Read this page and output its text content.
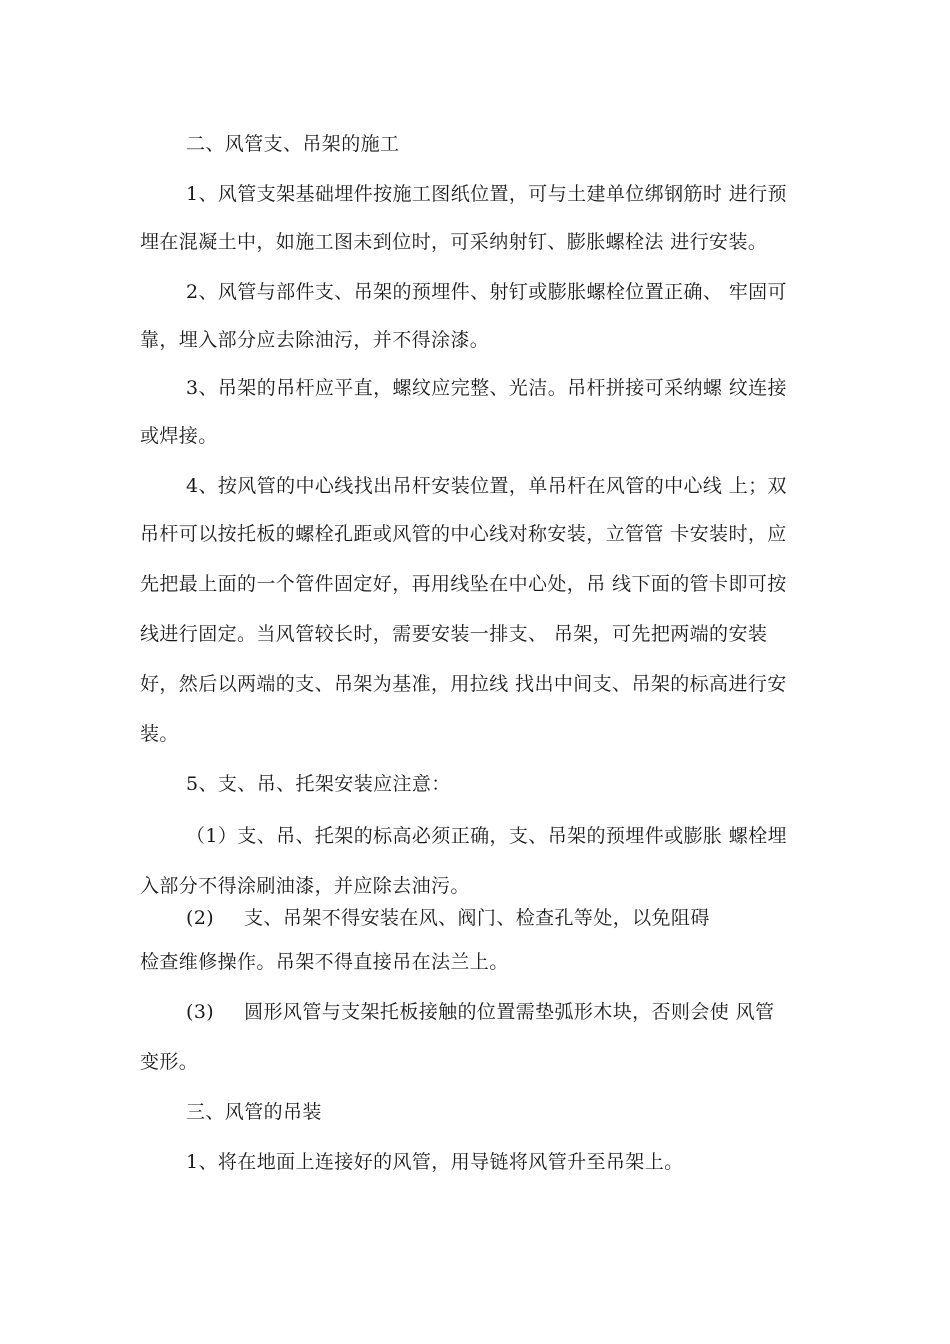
二、风管支、吊架的施工
1、风管支架基础埋件按施工图纸位置，可与土建单位绑钢筋时 进行预
埋在混凝土中，如施工图未到位时，可采纳射钉、膨胀螺栓法 进行安装。
2、风管与部件支、吊架的预埋件、射钉或膨胀螺栓位置正确、 牢固可
靠，埋入部分应去除油污，并不得涂漆。
3、吊架的吊杆应平直，螺纹应完整、光洁。吊杆拼接可采纳螺 纹连接
或焊接。
4、按风管的中心线找出吊杆安装位置，单吊杆在风管的中心线 上；双
吊杆可以按托板的螺栓孔距或风管的中心线对称安装，立管管 卡安装时，应
先把最上面的一个管件固定好，再用线坠在中心处，吊 线下面的管卡即可按
线进行固定。当风管较长时，需要安装一排支、 吊架，可先把两端的安装
好，然后以两端的支、吊架为基准，用拉线 找出中间支、吊架的标高进行安
装。
5、支、吊、托架安装应注意：
（1）支、吊、托架的标高必须正确，支、吊架的预埋件或膨胀 螺栓埋
入部分不得涂刷油漆，并应除去油污。
(2) 支、吊架不得安装在风、阀门、检查孔等处，以免阻碍
检查维修操作。吊架不得直接吊在法兰上。
(3) 圆形风管与支架托板接触的位置需垫弧形木块，否则会使 风管
变形。
三、风管的吊装
1、将在地面上连接好的风管，用导链将风管升至吊架上。
